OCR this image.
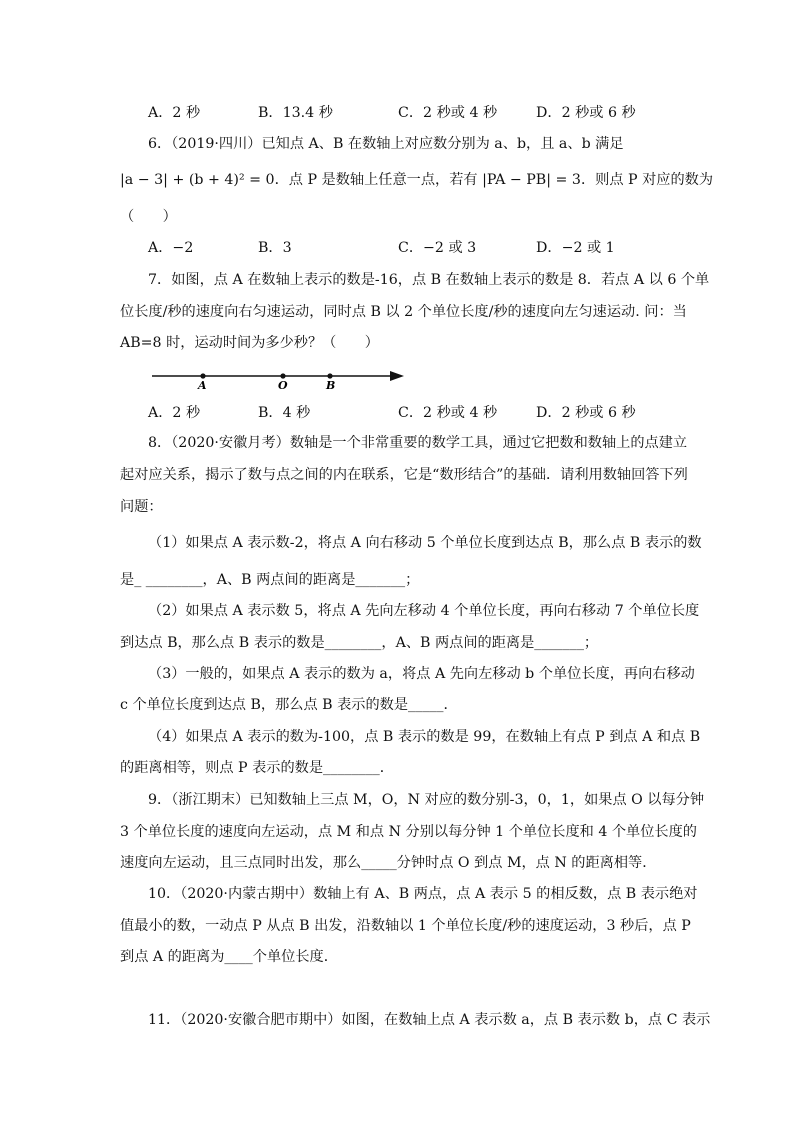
A．2 秒	B．13.4 秒	C．2 秒或 4 秒	D．2 秒或 6 秒
6．（2019·四川）已知点 A、B 在数轴上对应数分别为 a、b，且 a、b 满足
|a − 3| + (b + 4)² = 0．点 P 是数轴上任意一点，若有 |PA − PB| = 3．则点 P 对应的数为
（　　）
A．−2	B．3	C．−2 或 3	D．−2 或 1
7．如图，点 A 在数轴上表示的数是-16，点 B 在数轴上表示的数是 8．若点 A 以 6 个单
位长度/秒的速度向右匀速运动，同时点 B 以 2 个单位长度/秒的速度向左匀速运动. 问：当
AB=8 时，运动时间为多少秒？（　　）
A	O	B
A．2 秒	B．4 秒	C．2 秒或 4 秒	D．2 秒或 6 秒
8．（2020·安徽月考）数轴是一个非常重要的数学工具，通过它把数和数轴上的点建立
起对应关系，揭示了数与点之间的内在联系，它是“数形结合”的基础．请利用数轴回答下列
问题：
（1）如果点 A 表示数-2，将点 A 向右移动 5 个单位长度到达点 B，那么点 B 表示的数
是_ ________，A、B 两点间的距离是_______；
（2）如果点 A 表示数 5，将点 A 先向左移动 4 个单位长度，再向右移动 7 个单位长度
到达点 B，那么点 B 表示的数是________，A、B 两点间的距离是_______；
（3）一般的，如果点 A 表示的数为 a，将点 A 先向左移动 b 个单位长度，再向右移动
c 个单位长度到达点 B，那么点 B 表示的数是_____．
（4）如果点 A 表示的数为-100，点 B 表示的数是 99，在数轴上有点 P 到点 A 和点 B
的距离相等，则点 P 表示的数是________．
9．（浙江期末）已知数轴上三点 M，O，N 对应的数分别-3，0，1，如果点 O 以每分钟
3 个单位长度的速度向左运动，点 M 和点 N 分别以每分钟 1 个单位长度和 4 个单位长度的
速度向左运动，且三点同时出发，那么_____分钟时点 O 到点 M，点 N 的距离相等．
10．（2020·内蒙古期中）数轴上有 A、B 两点，点 A 表示 5 的相反数，点 B 表示绝对
值最小的数，一动点 P 从点 B 出发，沿数轴以 1 个单位长度/秒的速度运动，3 秒后，点 P
到点 A 的距离为____个单位长度．
11．（2020·安徽合肥市期中）如图，在数轴上点 A 表示数 a，点 B 表示数 b，点 C 表示
